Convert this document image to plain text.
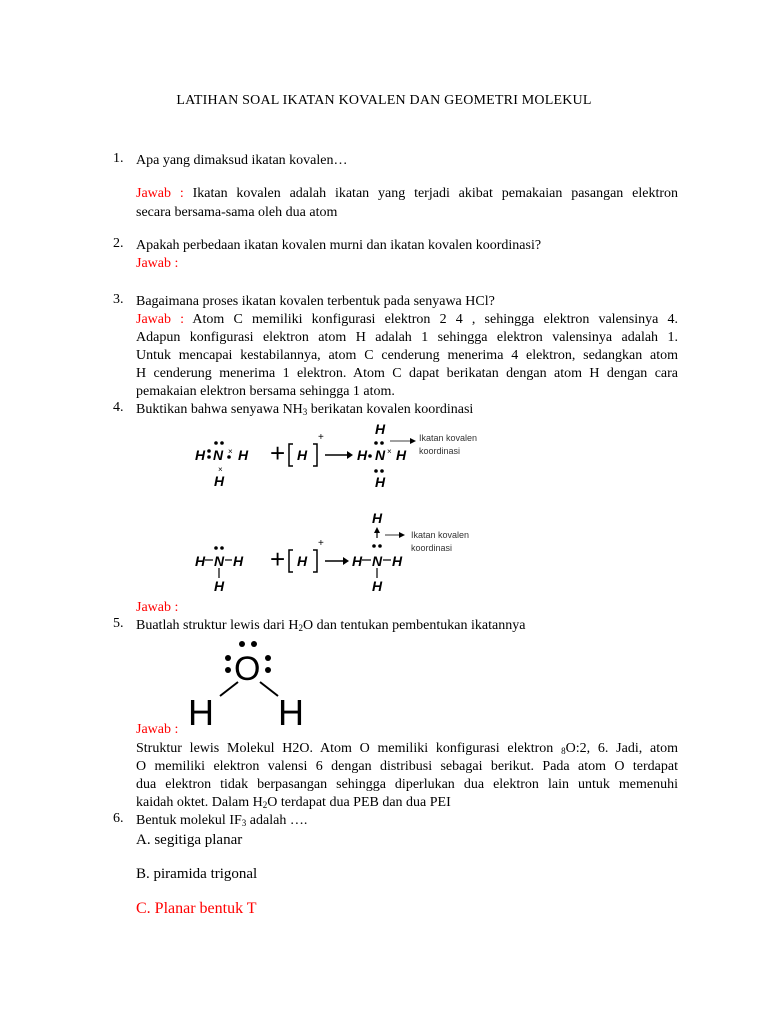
LATIHAN SOAL IKATAN KOVALEN DAN GEOMETRI MOLEKUL
1. Apa yang dimaksud ikatan kovalen…
Jawab : Ikatan kovalen adalah ikatan yang terjadi akibat pemakaian pasangan elektron
secara bersama-sama oleh dua atom
2. Apakah perbedaan ikatan kovalen murni dan ikatan kovalen koordinasi?
Jawab :
3. Bagaimana proses ikatan kovalen terbentuk pada senyawa HCl?
Jawab : Atom C memiliki konfigurasi elektron 2 4 , sehingga elektron valensinya 4.
Adapun konfigurasi elektron atom H adalah 1 sehingga elektron valensinya adalah 1.
Untuk mencapai kestabilannya, atom C cenderung menerima 4 elektron, sedangkan atom
H cenderung menerima 1 elektron. Atom C dapat berikatan dengan atom H dengan cara
pemakaian elektron bersama sehingga 1 atom.
4. Buktikan bahwa senyawa $NH_3$ berikatan kovalen koordinasi
H N H
H
×
×
+ H
+
H N H
H
H
×
Ikatan kovalen
koordinasi
H N H
H
+ H
+
H N H
H
H
Ikatan kovalen
koordinasi
Jawab :
5. Buatlah struktur lewis dari $H_2O$ dan tentukan pembentukan ikatannya
O
H H
Jawab :
Struktur lewis Molekul H2O. Atom O memiliki konfigurasi elektron $_8$O:2, 6. Jadi, atom
O memiliki elektron valensi 6 dengan distribusi sebagai berikut. Pada atom O terdapat
dua elektron tidak berpasangan sehingga diperlukan dua elektron lain untuk memenuhi
kaidah oktet. Dalam $H_2O$ terdapat dua PEB dan dua PEI
6. Bentuk molekul $IF_3$ adalah ….
A. segitiga planar
B. piramida trigonal
C. Planar bentuk T
